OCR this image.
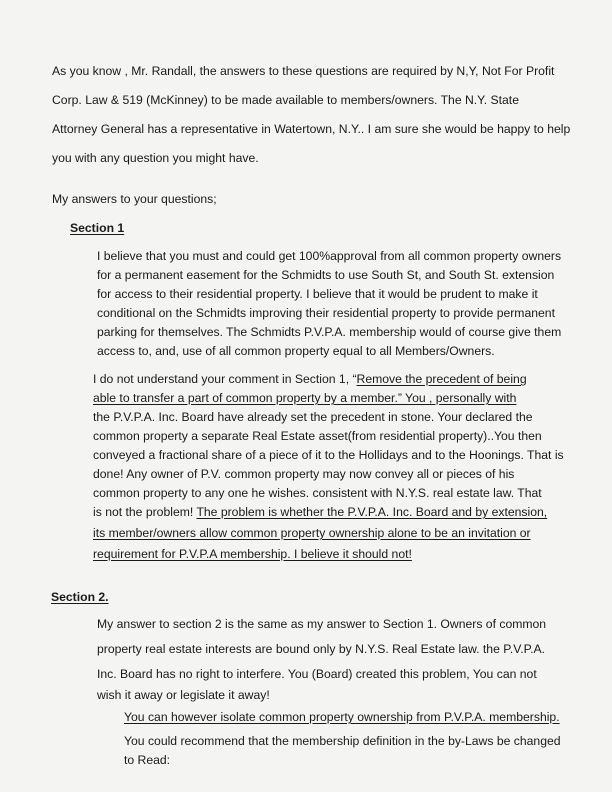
As you know , Mr. Randall, the answers to these questions are required by N,Y, Not For Profit
Corp. Law & 519 (McKinney) to be made available to members/owners. The N.Y. State
Attorney General has a representative in Watertown, N.Y.. I am sure she would be happy to help
you with any question you might have.
My answers to your questions;
Section 1
I believe that you must and could get 100%approval from all common property owners
for a permanent easement for the Schmidts to use South St, and South St. extension
for access to their residential property. I believe that it would be prudent to make it
conditional on the Schmidts improving their residential property to provide permanent
parking for themselves. The Schmidts P.V.P.A. membership would of course give them
access to, and, use of all common property equal to all Members/Owners.
I do not understand your comment in Section 1, “Remove the precedent of being
able to transfer a part of common property by a member.” You , personally with
the P.V.P.A. Inc. Board have already set the precedent in stone. Your declared the
common property a separate Real Estate asset(from residential property)..You then
conveyed a fractional share of a piece of it to the Hollidays and to the Hoonings. That is
done! Any owner of P.V. common property may now convey all or pieces of his
common property to any one he wishes. consistent with N.Y.S. real estate law. That
is not the problem! The problem is whether the P.V.P.A. Inc. Board and by extension,
its member/owners allow common property ownership alone to be an invitation or
requirement for P.V.P.A membership. I believe it should not!
Section 2.
My answer to section 2 is the same as my answer to Section 1. Owners of common
property real estate interests are bound only by N.Y.S. Real Estate law. the P.V.P.A.
Inc. Board has no right to interfere. You (Board) created this problem, You can not
wish it away or legislate it away!
You can however isolate common property ownership from P.V.P.A. membership.
You could recommend that the membership definition in the by-Laws be changed
to Read:
